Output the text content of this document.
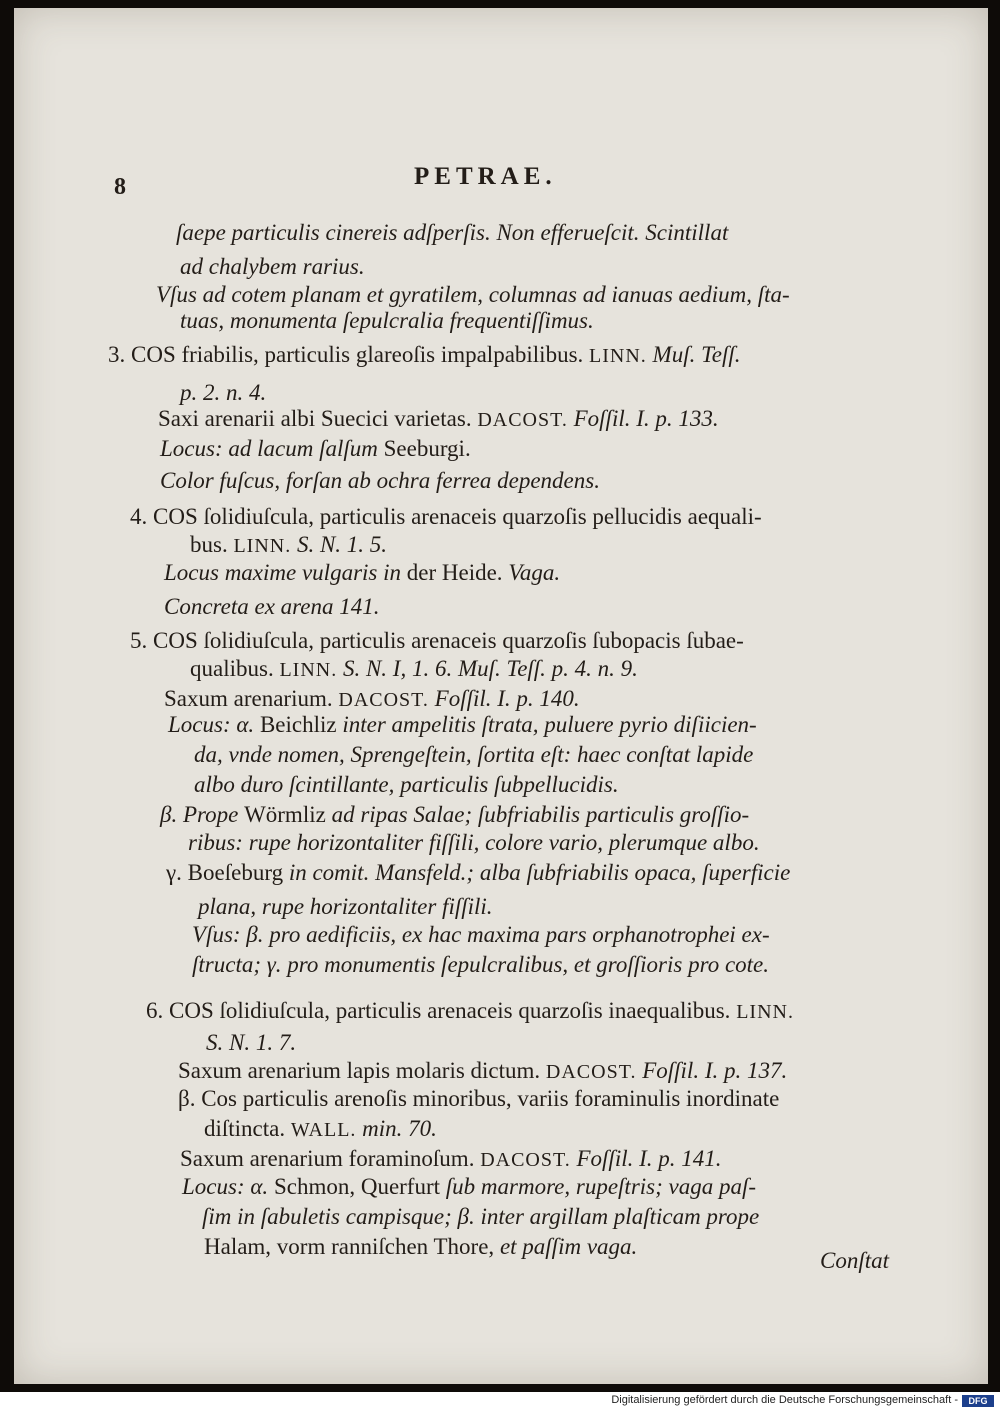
8	PETRAE.
ſaepe particulis cinereis adſperſis. Non efferueſcit. Scintillat
ad chalybem rarius.
Vſus ad cotem planam et gyratilem, columnas ad ianuas aedium, ſta-
tuas, monumenta ſepulcralia frequentiſſimus.
3. COS friabilis, particulis glareoſis impalpabilibus. LINN. Muſ. Teſſ.
p. 2. n. 4.
Saxi arenarii albi Suecici varietas. DACOST. Foſſil. I. p. 133.
Locus: ad lacum ſalſum Seeburgi.
Color fuſcus, forſan ab ochra ferrea dependens.
4. COS ſolidiuſcula, particulis arenaceis quarzoſis pellucidis aequali-
bus. LINN. S. N. 1. 5.
Locus maxime vulgaris in der Heide. Vaga.
Concreta ex arena 141.
5. COS ſolidiuſcula, particulis arenaceis quarzoſis ſubopacis ſubae-
qualibus. LINN. S. N. I, 1. 6. Muſ. Teſſ. p. 4. n. 9.
Saxum arenarium. DACOST. Foſſil. I. p. 140.
Locus: α. Beichliz inter ampelitis ſtrata, puluere pyrio diſiicien-
da, vnde nomen, Sprengeſtein, ſortita eſt: haec conſtat lapide
albo duro ſcintillante, particulis ſubpellucidis.
β. Prope Wörmliz ad ripas Salae; ſubfriabilis particulis groſſio-
ribus: rupe horizontaliter fiſſili, colore vario, plerumque albo.
γ. Boeſeburg in comit. Mansfeld.; alba ſubfriabilis opaca, ſuperficie
plana, rupe horizontaliter fiſſili.
Vſus: β. pro aedificiis, ex hac maxima pars orphanotrophei ex-
ſtructa; γ. pro monumentis ſepulcralibus, et groſſioris pro cote.
6. COS ſolidiuſcula, particulis arenaceis quarzoſis inaequalibus. LINN.
S. N. 1. 7.
Saxum arenarium lapis molaris dictum. DACOST. Foſſil. I. p. 137.
β. Cos particulis arenoſis minoribus, variis foraminulis inordinate
diſtincta. WALL. min. 70.
Saxum arenarium foraminoſum. DACOST. Foſſil. I. p. 141.
Locus: α. Schmon, Querfurt ſub marmore, rupeſtris; vaga paſ-
ſim in ſabuletis campisque; β. inter argillam plaſticam prope
Halam, vorm ranniſchen Thore, et paſſim vaga.
Conſtat
Digitalisierung gefördert durch die Deutsche Forschungsgemeinschaft -	DFG
